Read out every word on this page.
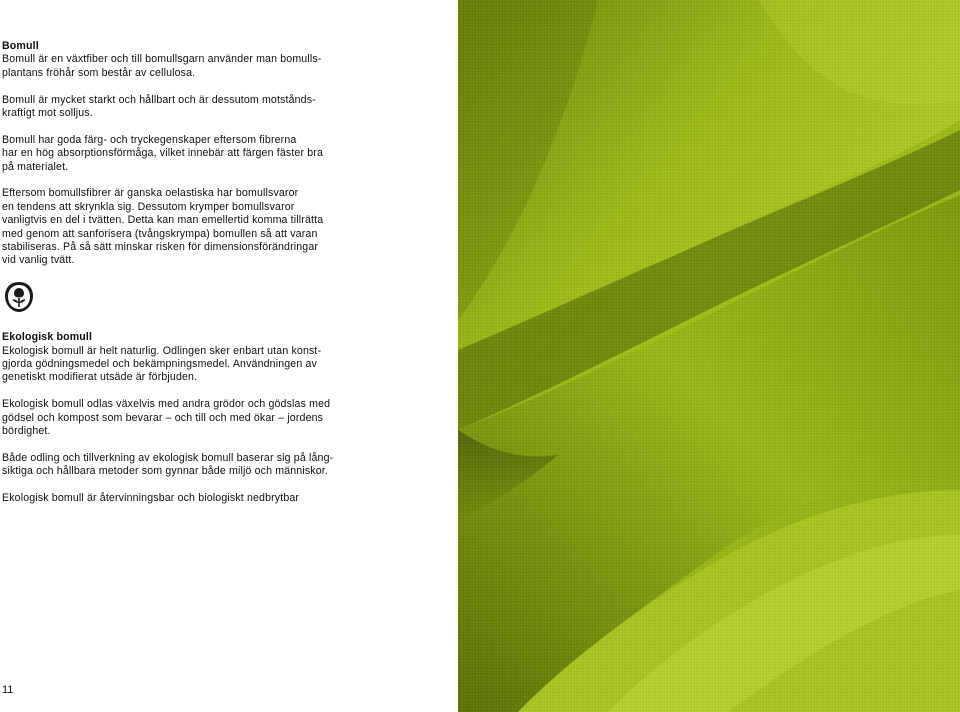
Bomull

Bomull är en växtfiber och till bomullsgarn använder man bomulls-
plantans fröhår som består av cellulosa.

Bomull är mycket starkt och hållbart och är dessutom motstånds-
kraftigt mot solljus.

Bomull har goda färg- och tryckegenskaper eftersom fibrerna
har en hög absorptionsförmåga, vilket innebär att färgen fäster bra
på materialet.

Eftersom bomullsfibrer är ganska oelastiska har bomullsvaror
en tendens att skrynkla sig. Dessutom krymper bomullsvaror
vanligtvis en del i tvätten. Detta kan man emellertid komma tillrätta
med genom att sanforisera (tvångskrympa) bomullen så att varan
stabiliseras. På så sätt minskar risken för dimensionsförändringar
vid vanlig tvätt.

Ekologisk bomull

Ekologisk bomull är helt naturlig. Odlingen sker enbart utan konst-
gjorda gödningsmedel och bekämpningsmedel. Användningen av
genetiskt modifierat utsäde är förbjuden.

Ekologisk bomull odlas växelvis med andra grödor och gödslas med
gödsel och kompost som bevarar – och till och med ökar – jordens
bördighet.

Både odling och tillverkning av ekologisk bomull baserar sig på lång-
siktiga och hållbara metoder som gynnar både miljö och människor.

Ekologisk bomull är återvinningsbar och biologiskt nedbrytbar

11
